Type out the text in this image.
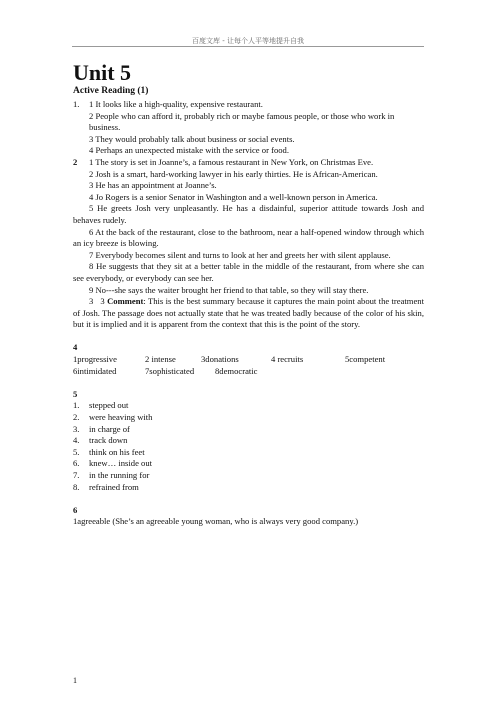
百度文库 - 让每个人平等地提升自我
Unit 5
Active Reading (1)

1. 1 It looks like a high-quality, expensive restaurant.

2 People who can afford it, probably rich or maybe famous people, or those who work in business.

3 They would probably talk about business or social events.

4 Perhaps an unexpected mistake with the service or food.

2 1 The story is set in Joanne’s, a famous restaurant in New York, on Christmas Eve.

2 Josh is a smart, hard-working lawyer in his early thirties. He is African-American.

3 He has an appointment at Joanne’s.

4 Jo Rogers is a senior Senator in Washington and a well-known person in America.

5 He greets Josh very unpleasantly. He has a disdainful, superior attitude towards Josh and behaves rudely.

6 At the back of the restaurant, close to the bathroom, near a half-opened window through which an icy breeze is blowing.

7 Everybody becomes silent and turns to look at her and greets her with silent applause.

8 He suggests that they sit at a better table in the middle of the restaurant, from where she can see everybody, or everybody can see her.

9 No---she says the waiter brought her friend to that table, so they will stay there.

3 3 Comment: This is the best summary because it captures the main point about the treatment of Josh. The passage does not actually state that he was treated badly because of the color of his skin, but it is implied and it is apparent from the context that this is the point of the story.

4

1progressive	2 intense	3donations	4 recruits	5competent
6intimidated	7sophisticated	8democratic

5

1. stepped out

2. were heaving with

3. in charge of

4. track down

5. think on his feet

6. knew… inside out

7. in the running for

8. refrained from

6

1agreeable (She’s an agreeable young woman, who is always very good company.)

1
